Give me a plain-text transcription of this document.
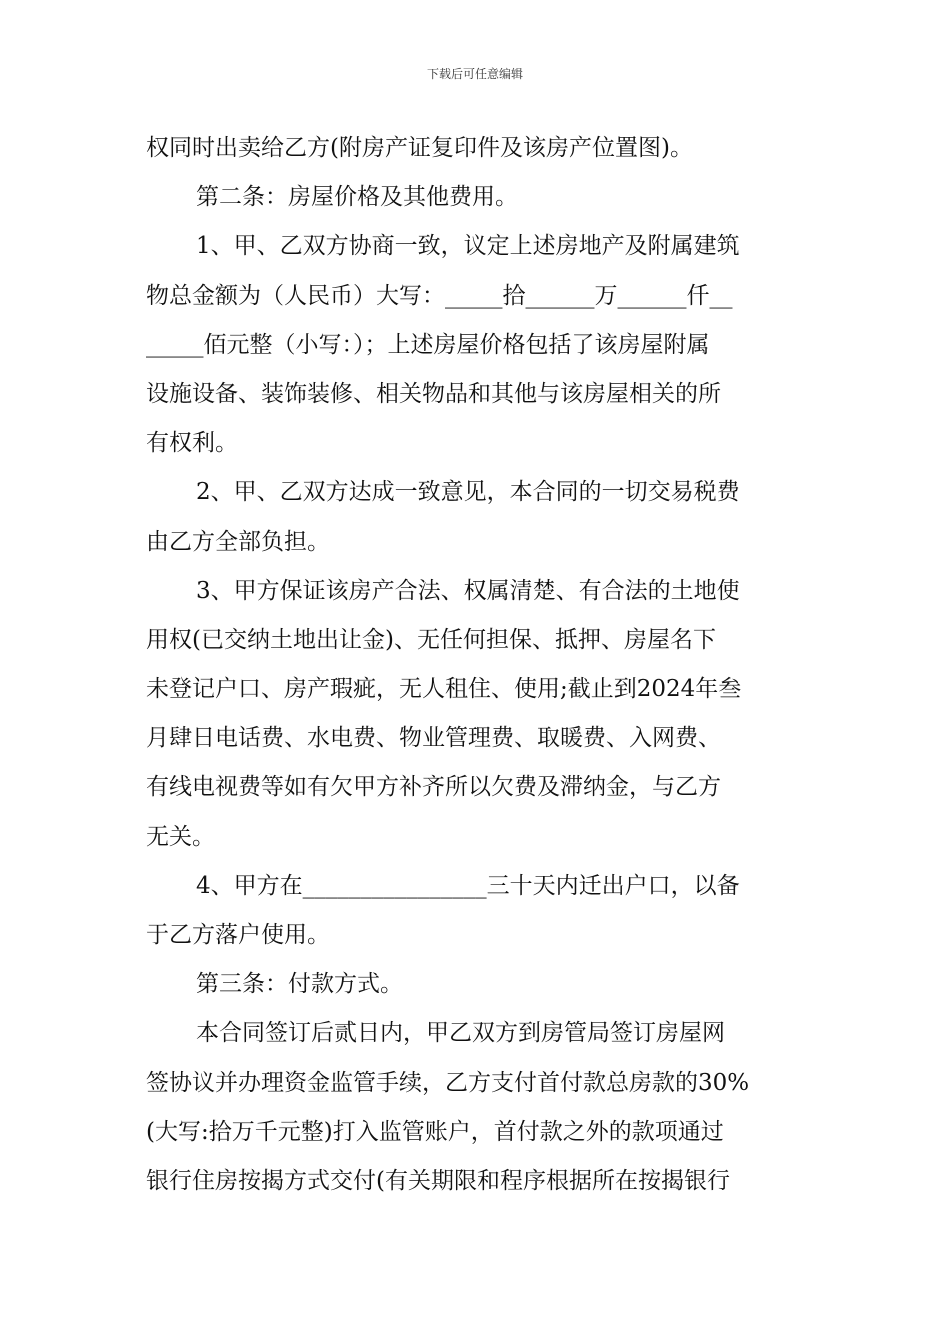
下载后可任意编辑
权同时出卖给乙方(附房产证复印件及该房产位置图)。
第二条：房屋价格及其他费用。
1、甲、乙双方协商一致，议定上述房地产及附属建筑
物总金额为（人民币）大写：_____拾______万______仟__
_____佰元整（小写：）；上述房屋价格包括了该房屋附属
设施设备、装饰装修、相关物品和其他与该房屋相关的所
有权利。
2、甲、乙双方达成一致意见，本合同的一切交易税费
由乙方全部负担。
3、甲方保证该房产合法、权属清楚、有合法的土地使
用权(已交纳土地出让金)、无任何担保、抵押、房屋名下
未登记户口、房产瑕疵，无人租住、使用;截止到2024年叁
月肆日电话费、水电费、物业管理费、取暖费、入网费、
有线电视费等如有欠甲方补齐所以欠费及滞纳金，与乙方
无关。
4、甲方在________________三十天内迁出户口，以备
于乙方落户使用。
第三条：付款方式。
本合同签订后贰日内，甲乙双方到房管局签订房屋网
签协议并办理资金监管手续，乙方支付首付款总房款的30%
(大写:拾万千元整)打入监管账户，首付款之外的款项通过
银行住房按揭方式交付(有关期限和程序根据所在按揭银行
